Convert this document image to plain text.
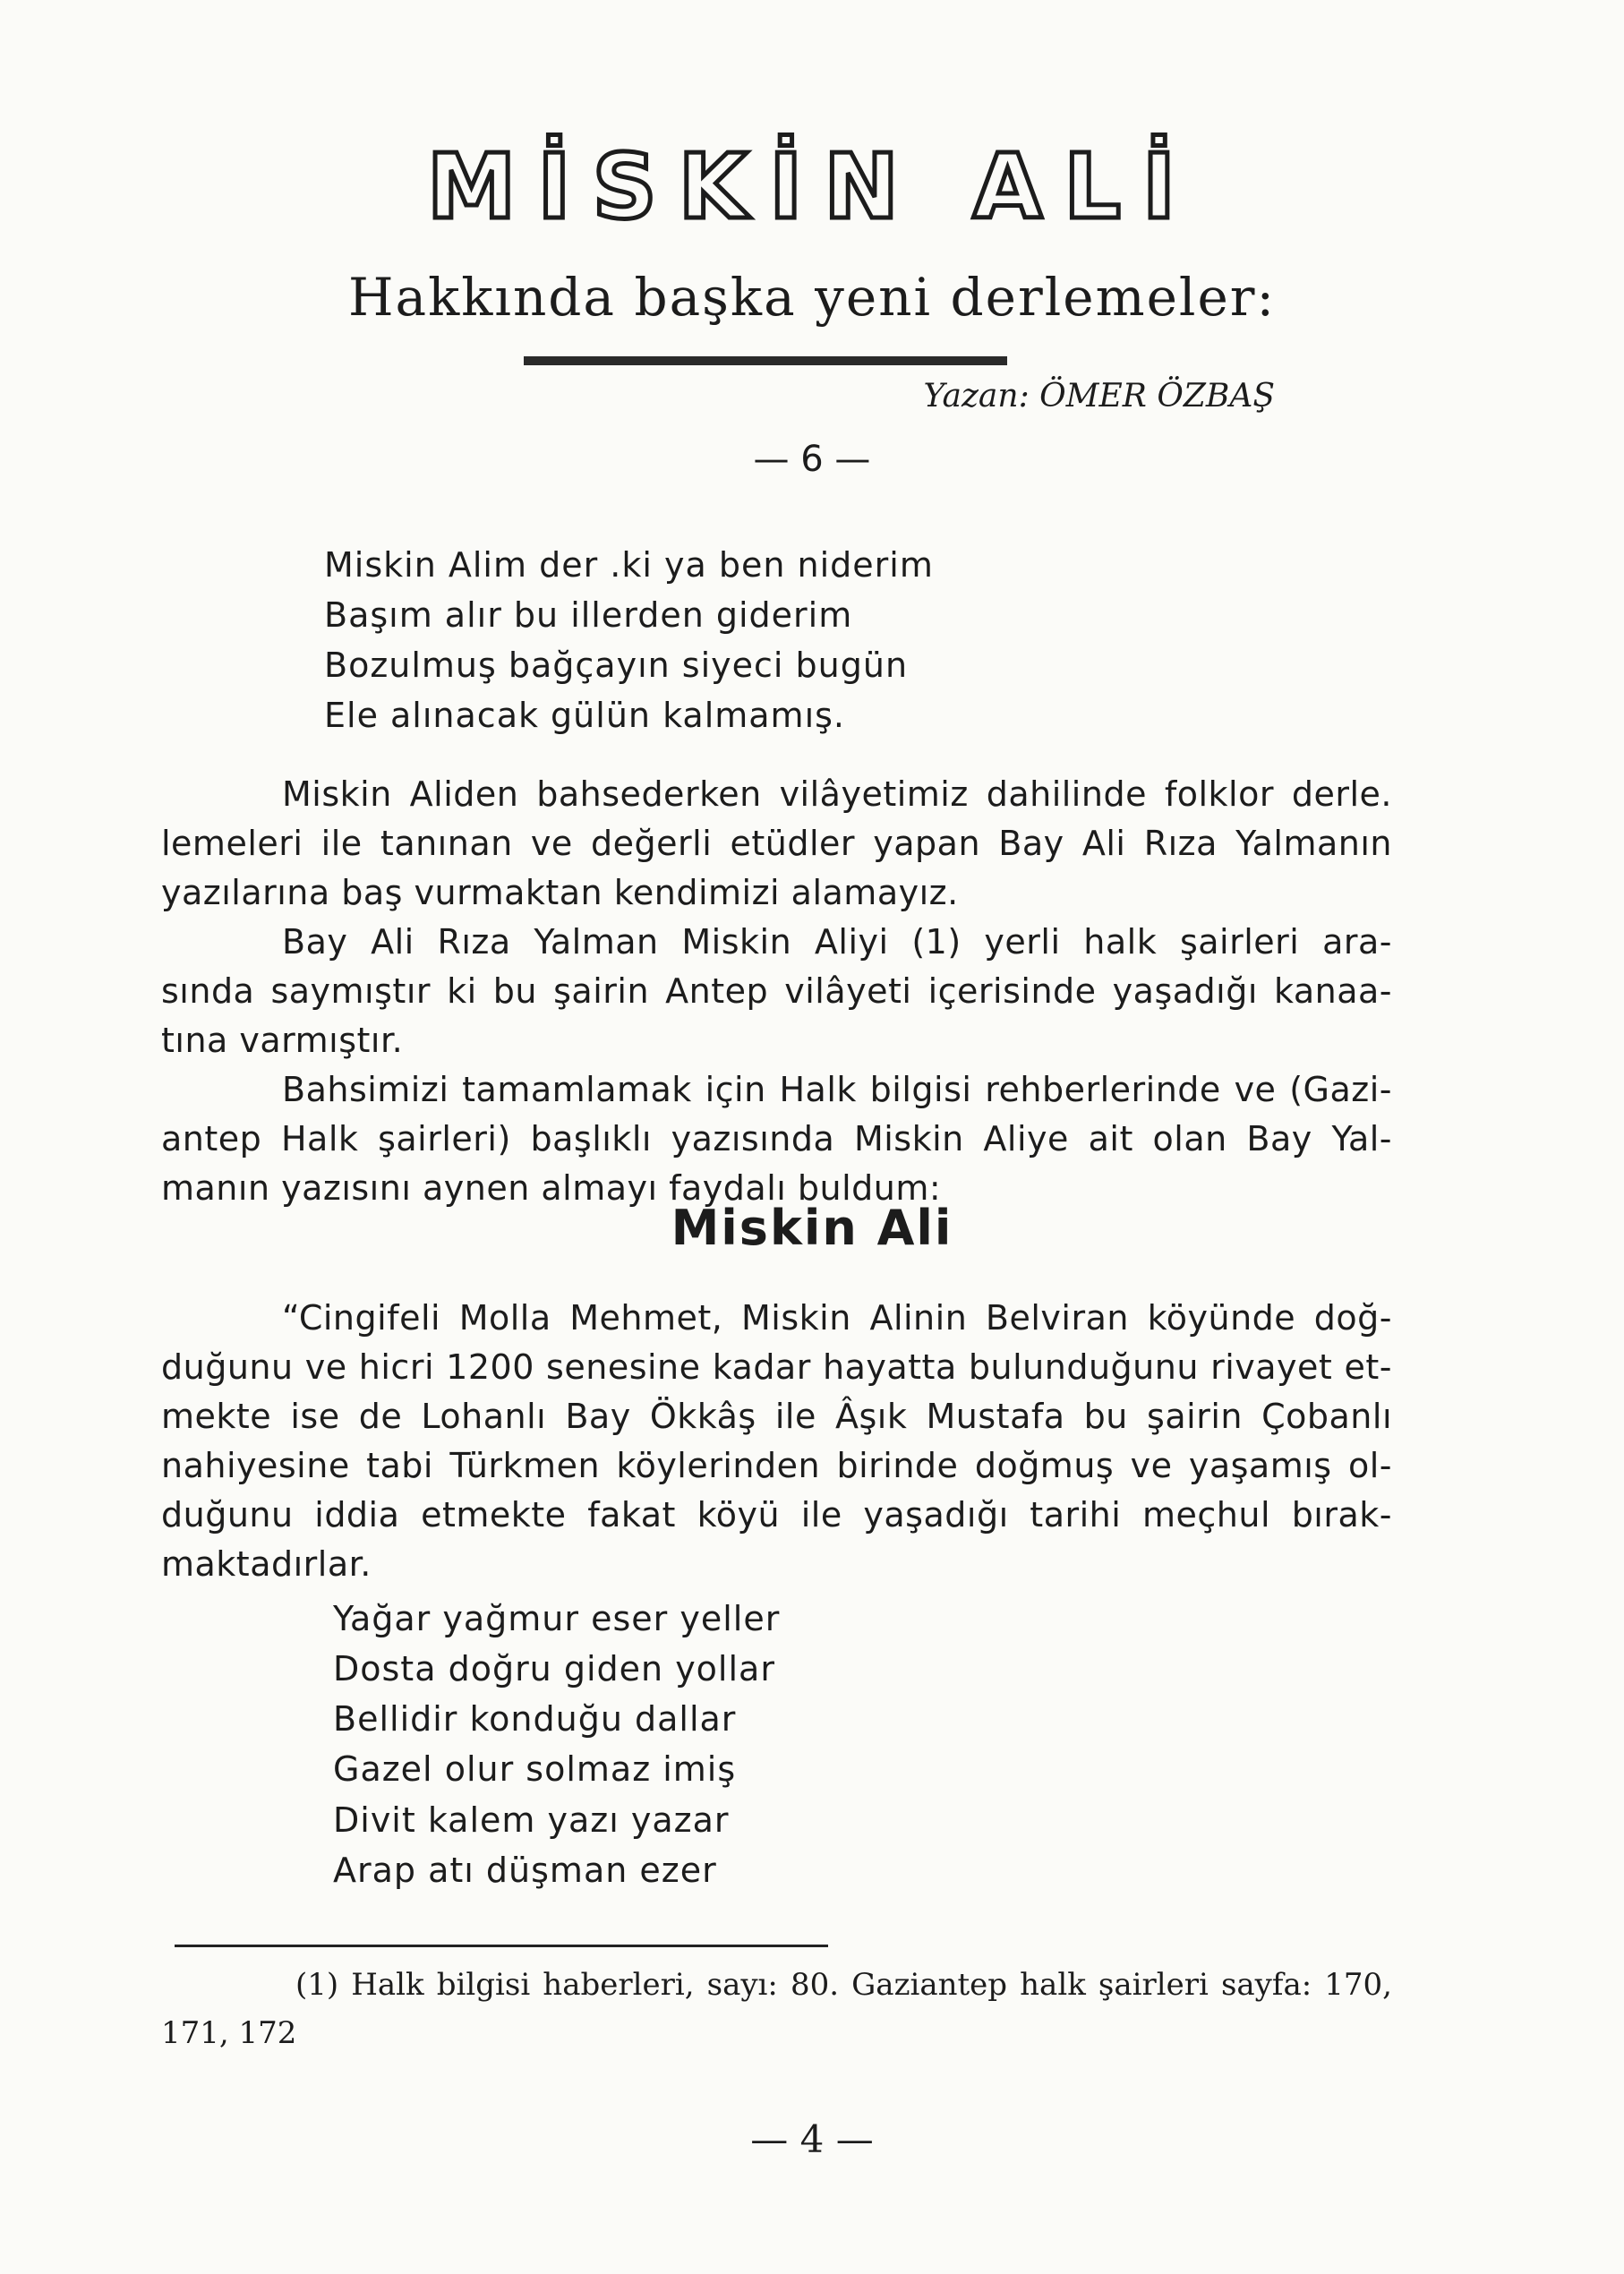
MİSKİN ALİ
Hakkında başka yeni derlemeler:
Yazan: ÖMER ÖZBAŞ
— 6 —
Miskin Alim der .ki ya ben niderim
Başım alır bu illerden giderim
Bozulmuş bağçayın siyeci bugün
Ele alınacak gülün kalmamış.
Miskin Aliden bahsederken vilâyetimiz dahilinde folklor derle.
lemeleri ile tanınan ve değerli etüdler yapan Bay Ali Rıza Yalmanın
yazılarına baş vurmaktan kendimizi alamayız.
Bay Ali Rıza Yalman Miskin Aliyi (1) yerli halk şairleri ara-
sında saymıştır ki bu şairin Antep vilâyeti içerisinde yaşadığı kanaa-
tına varmıştır.
Bahsimizi tamamlamak için Halk bilgisi rehberlerinde ve (Gazi-
antep Halk şairleri) başlıklı yazısında Miskin Aliye ait olan Bay Yal-
manın yazısını aynen almayı faydalı buldum:
Miskin Ali
“Cingifeli Molla Mehmet, Miskin Alinin Belviran köyünde doğ-
duğunu ve hicri 1200 senesine kadar hayatta bulunduğunu rivayet et-
mekte ise de Lohanlı Bay Ökkâş ile Âşık Mustafa bu şairin Çobanlı
nahiyesine tabi Türkmen köylerinden birinde doğmuş ve yaşamış ol-
duğunu iddia etmekte fakat köyü ile yaşadığı tarihi meçhul bırak-
maktadırlar.
Yağar yağmur eser yeller
Dosta doğru giden yollar
Bellidir konduğu dallar
Gazel olur solmaz imiş
Divit kalem yazı yazar
Arap atı düşman ezer
(1) Halk bilgisi haberleri, sayı: 80. Gaziantep halk şairleri sayfa: 170,
171, 172
— 4 —
